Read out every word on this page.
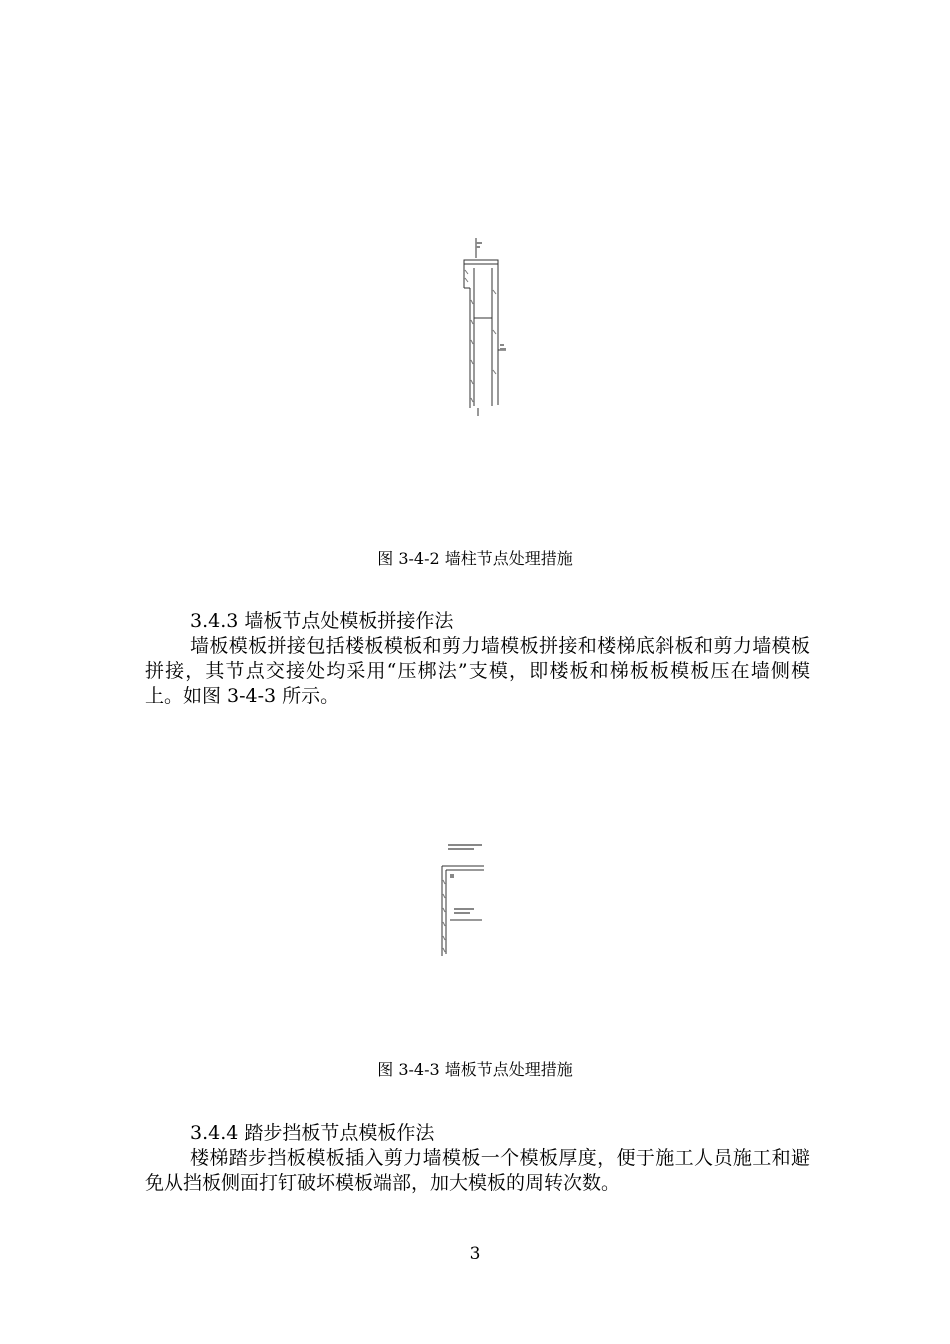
图 3-4-2 墙柱节点处理措施
3.4.3 墙板节点处模板拼接作法
墙板模板拼接包括楼板模板和剪力墙模板拼接和楼梯底斜板和剪力墙模板拼接，其节点交接处均采用“压梆法”支模，即楼板和梯板板模板压在墙侧模上。如图 3-4-3 所示。
图 3-4-3 墙板节点处理措施
3.4.4 踏步挡板节点模板作法
楼梯踏步挡板模板插入剪力墙模板一个模板厚度，便于施工人员施工和避免从挡板侧面打钉破坏模板端部，加大模板的周转次数。
3
